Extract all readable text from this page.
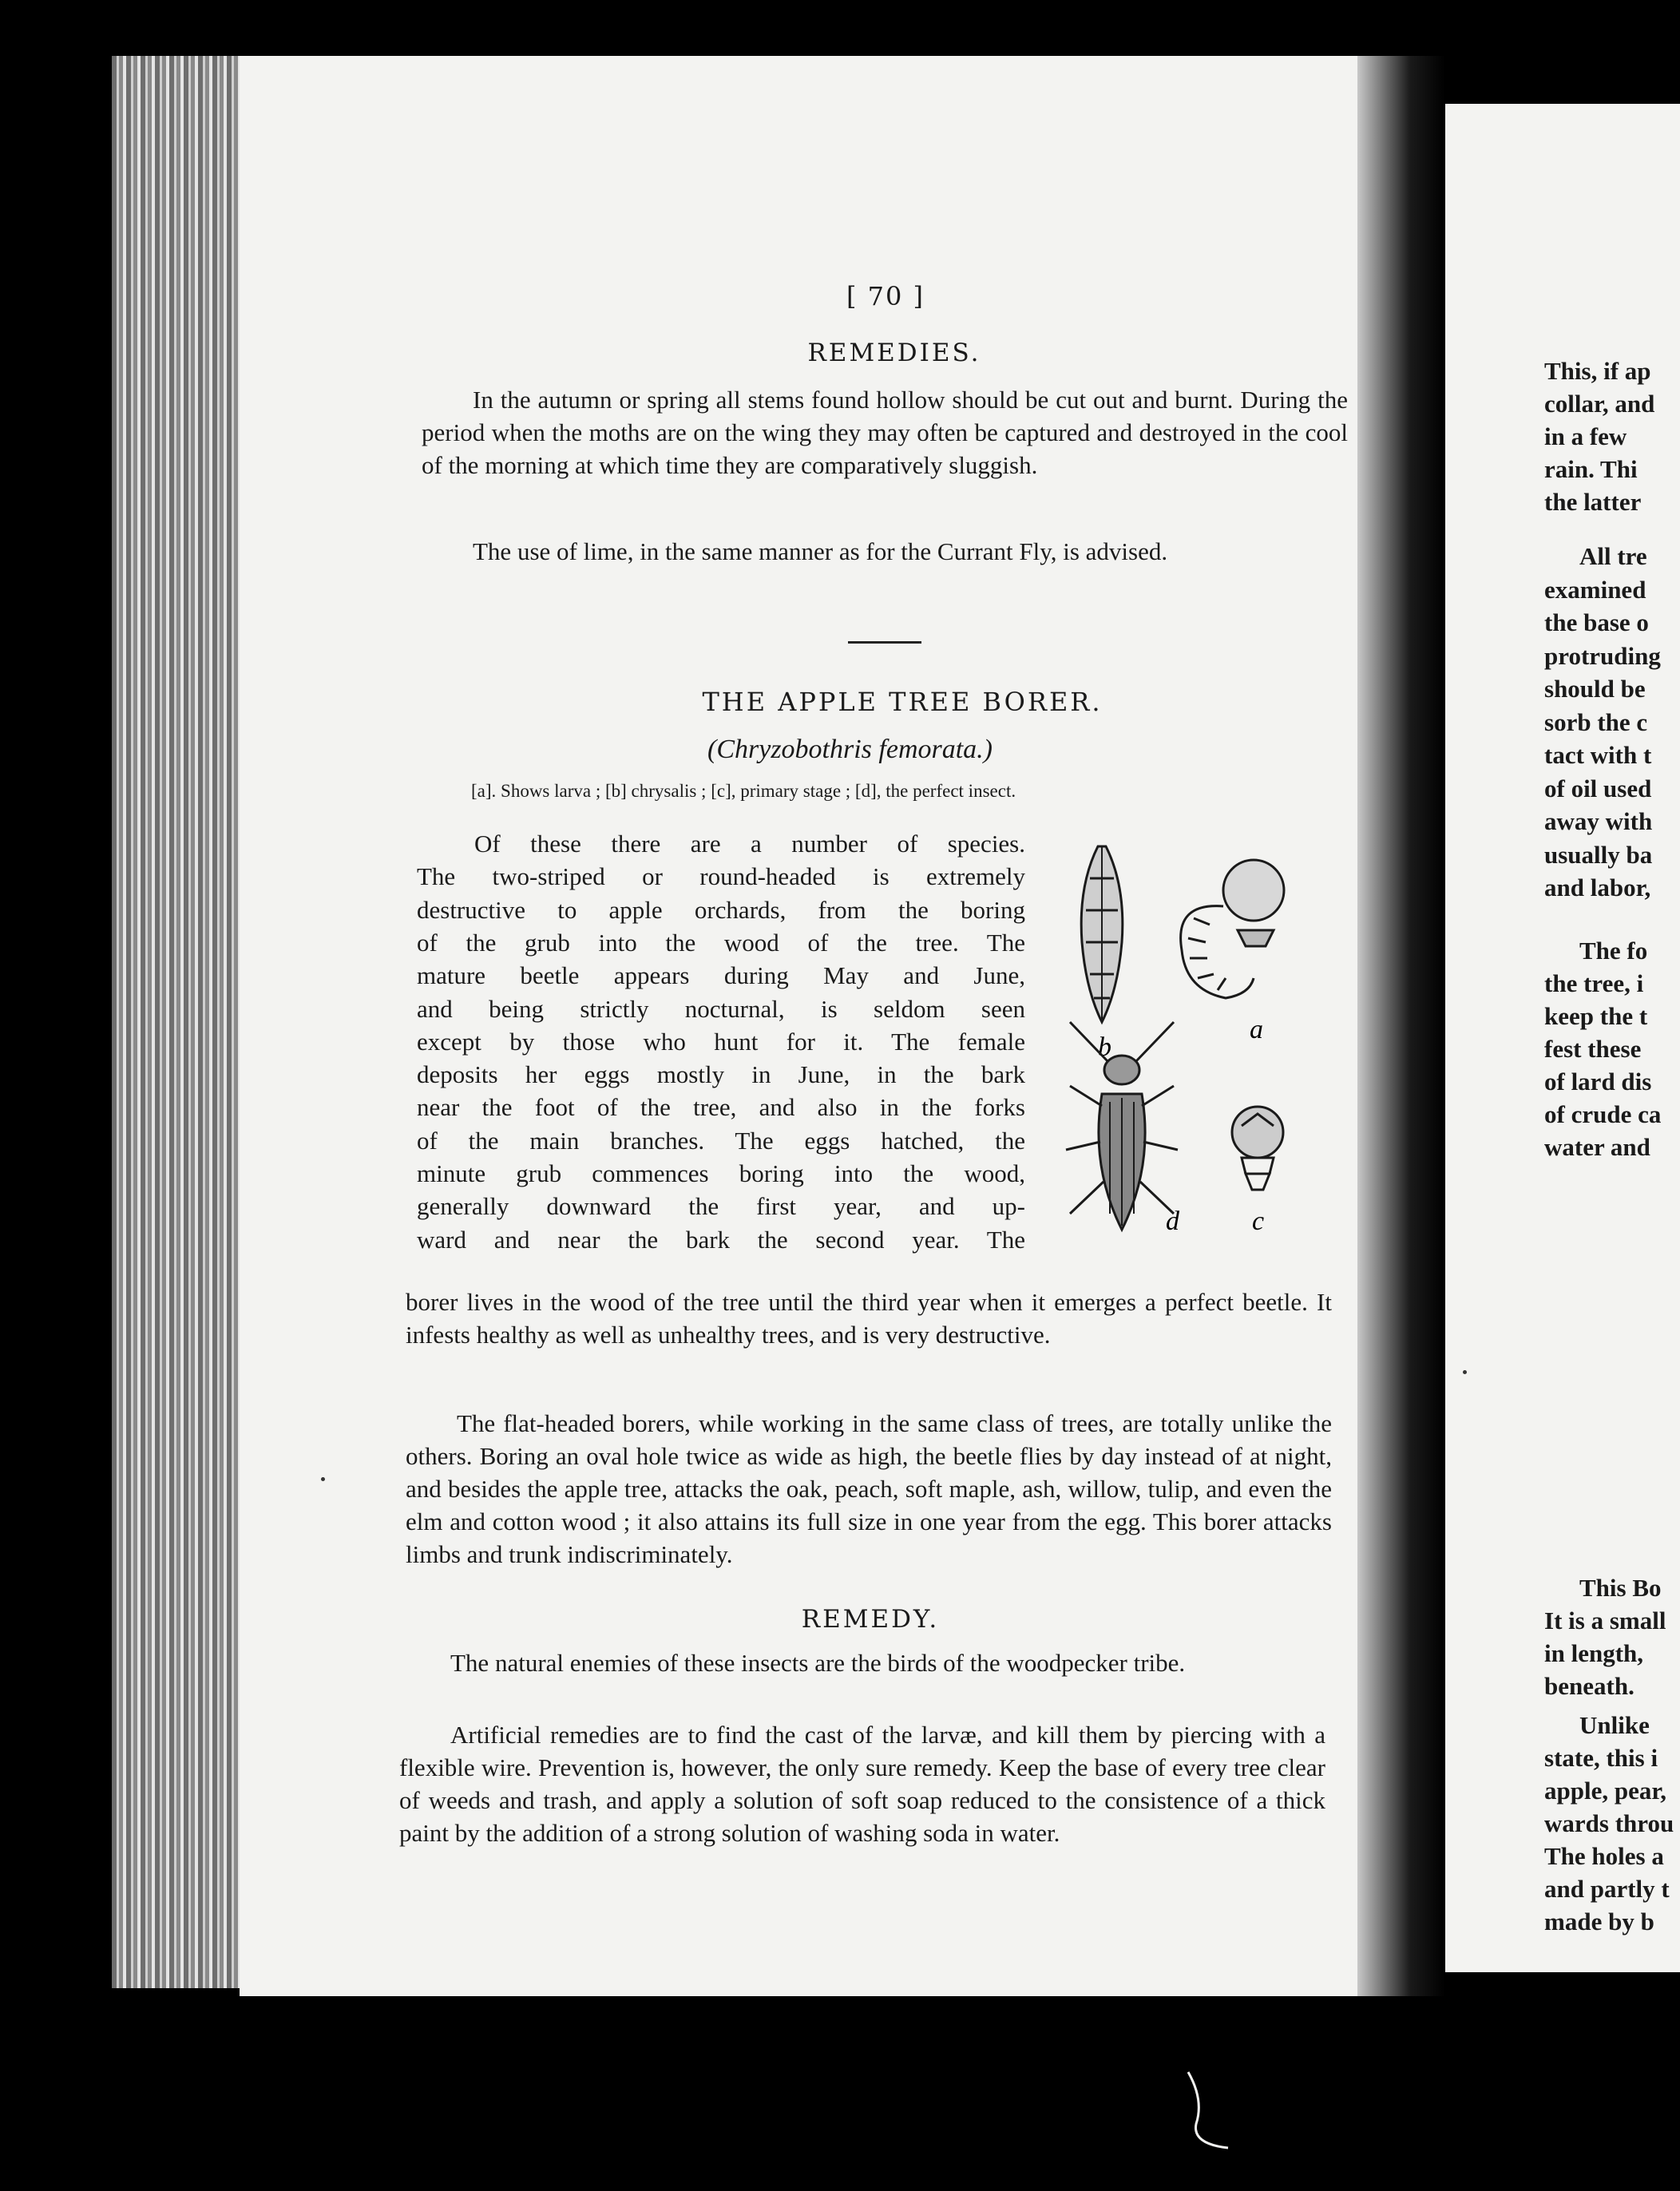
[ 70 ]
REMEDIES.

In the autumn or spring all stems found hollow should be cut out and burnt. During the period when the moths are on the wing they may often be captured and destroyed in the cool of the morning at which time they are comparatively sluggish.

The use of lime, in the same manner as for the Currant Fly, is advised.

THE APPLE TREE BORER.
(Chryzobothris femorata.)
[a]. Shows larva ; [b] chrysalis ; [c], primary stage ; [d], the perfect insect.
Of these there are a number of species.
The two-striped or round-headed is extremely
destructive to apple orchards, from the boring
of the grub into the wood of the tree. The
mature beetle appears during May and June,
and being strictly nocturnal, is seldom seen
except by those who hunt for it. The female
deposits her eggs mostly in June, in the bark
near the foot of the tree, and also in the forks
of the main branches. The eggs hatched, the
minute grub commences boring into the wood,
generally downward the first year, and up-
ward and near the bark the second year. The

borer lives in the wood of the tree until the third year when it emerges a perfect beetle. It infests healthy as well as unhealthy trees, and is very destructive.

The flat-headed borers, while working in the same class of trees, are totally unlike the others. Boring an oval hole twice as wide as high, the beetle flies by day instead of at night, and besides the apple tree, attacks the oak, peach, soft maple, ash, willow, tulip, and even the elm and cotton wood ; it also attains its full size in one year from the egg. This borer attacks limbs and trunk indiscriminately.

REMEDY.

The natural enemies of these insects are the birds of the woodpecker tribe.

Artificial remedies are to find the cast of the larvæ, and kill them by piercing with a flexible wire. Prevention is, however, the only sure remedy. Keep the base of every tree clear of weeds and trash, and apply a solution of soft soap reduced to the consistence of a thick paint by the addition of a strong solution of washing soda in water.

b
a
d	c
This, if ap
collar, and
in a few
rain. Thi
the latter
All tre
examined
the base o
protruding
should be
sorb the c
tact with t
of oil used
away with
usually ba
and labor,
The fo
the tree, i
keep the t
fest these
of lard dis
of crude ca
water and
This Bo
It is a small
in length,
beneath.
Unlike
state, this i
apple, pear,
wards throu
The holes a
and partly t
made by b
